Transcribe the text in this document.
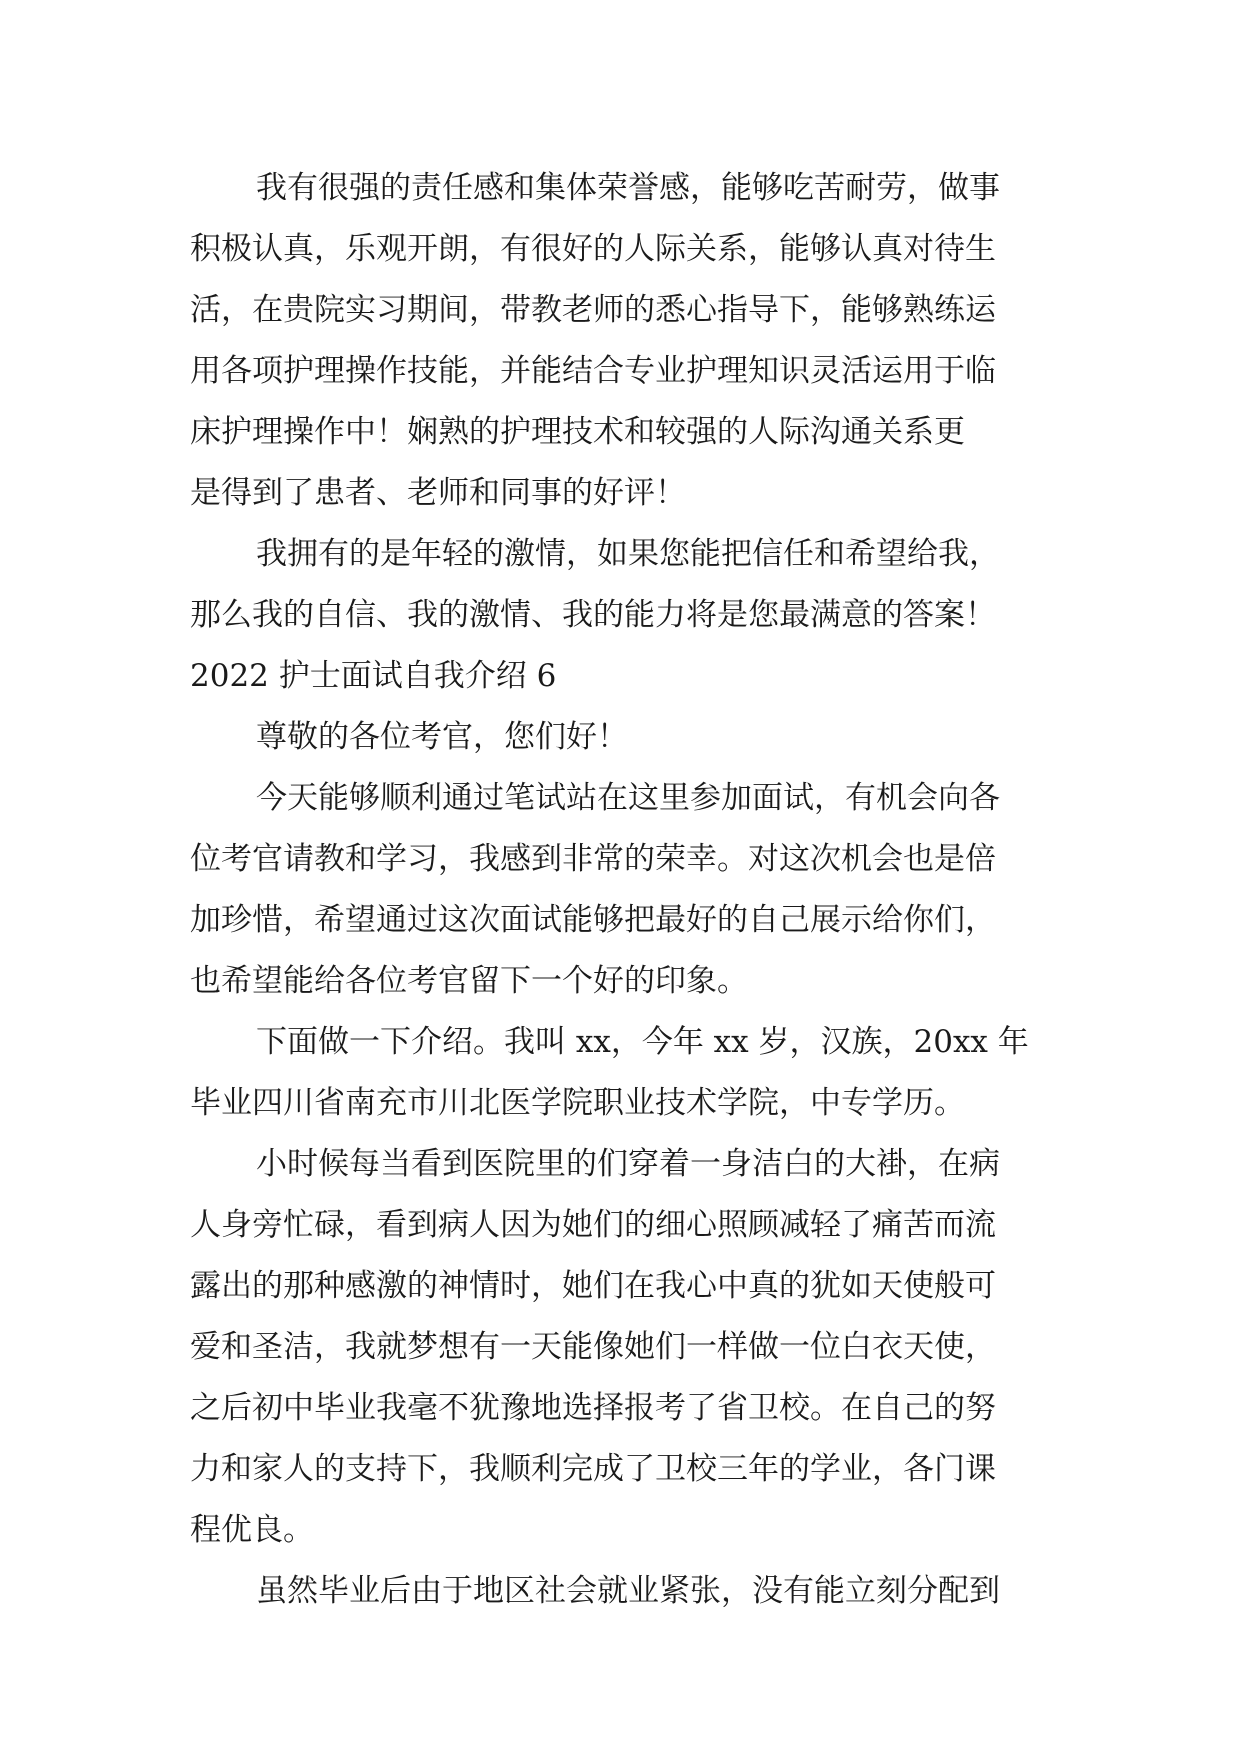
我有很强的责任感和集体荣誉感，能够吃苦耐劳，做事
积极认真，乐观开朗，有很好的人际关系，能够认真对待生
活，在贵院实习期间，带教老师的悉心指导下，能够熟练运
用各项护理操作技能，并能结合专业护理知识灵活运用于临
床护理操作中！娴熟的护理技术和较强的人际沟通关系更
是得到了患者、老师和同事的好评！
我拥有的是年轻的激情，如果您能把信任和希望给我，
那么我的自信、我的激情、我的能力将是您最满意的答案！
2022 护士面试自我介绍 6
尊敬的各位考官，您们好！
今天能够顺利通过笔试站在这里参加面试，有机会向各
位考官请教和学习，我感到非常的荣幸。对这次机会也是倍
加珍惜，希望通过这次面试能够把最好的自己展示给你们，
也希望能给各位考官留下一个好的印象。
下面做一下介绍。我叫 xx，今年 xx 岁，汉族，20xx 年
毕业四川省南充市川北医学院职业技术学院，中专学历。
小时候每当看到医院里的们穿着一身洁白的大褂，在病
人身旁忙碌，看到病人因为她们的细心照顾减轻了痛苦而流
露出的那种感激的神情时，她们在我心中真的犹如天使般可
爱和圣洁，我就梦想有一天能像她们一样做一位白衣天使，
之后初中毕业我毫不犹豫地选择报考了省卫校。在自己的努
力和家人的支持下，我顺利完成了卫校三年的学业，各门课
程优良。
虽然毕业后由于地区社会就业紧张，没有能立刻分配到
